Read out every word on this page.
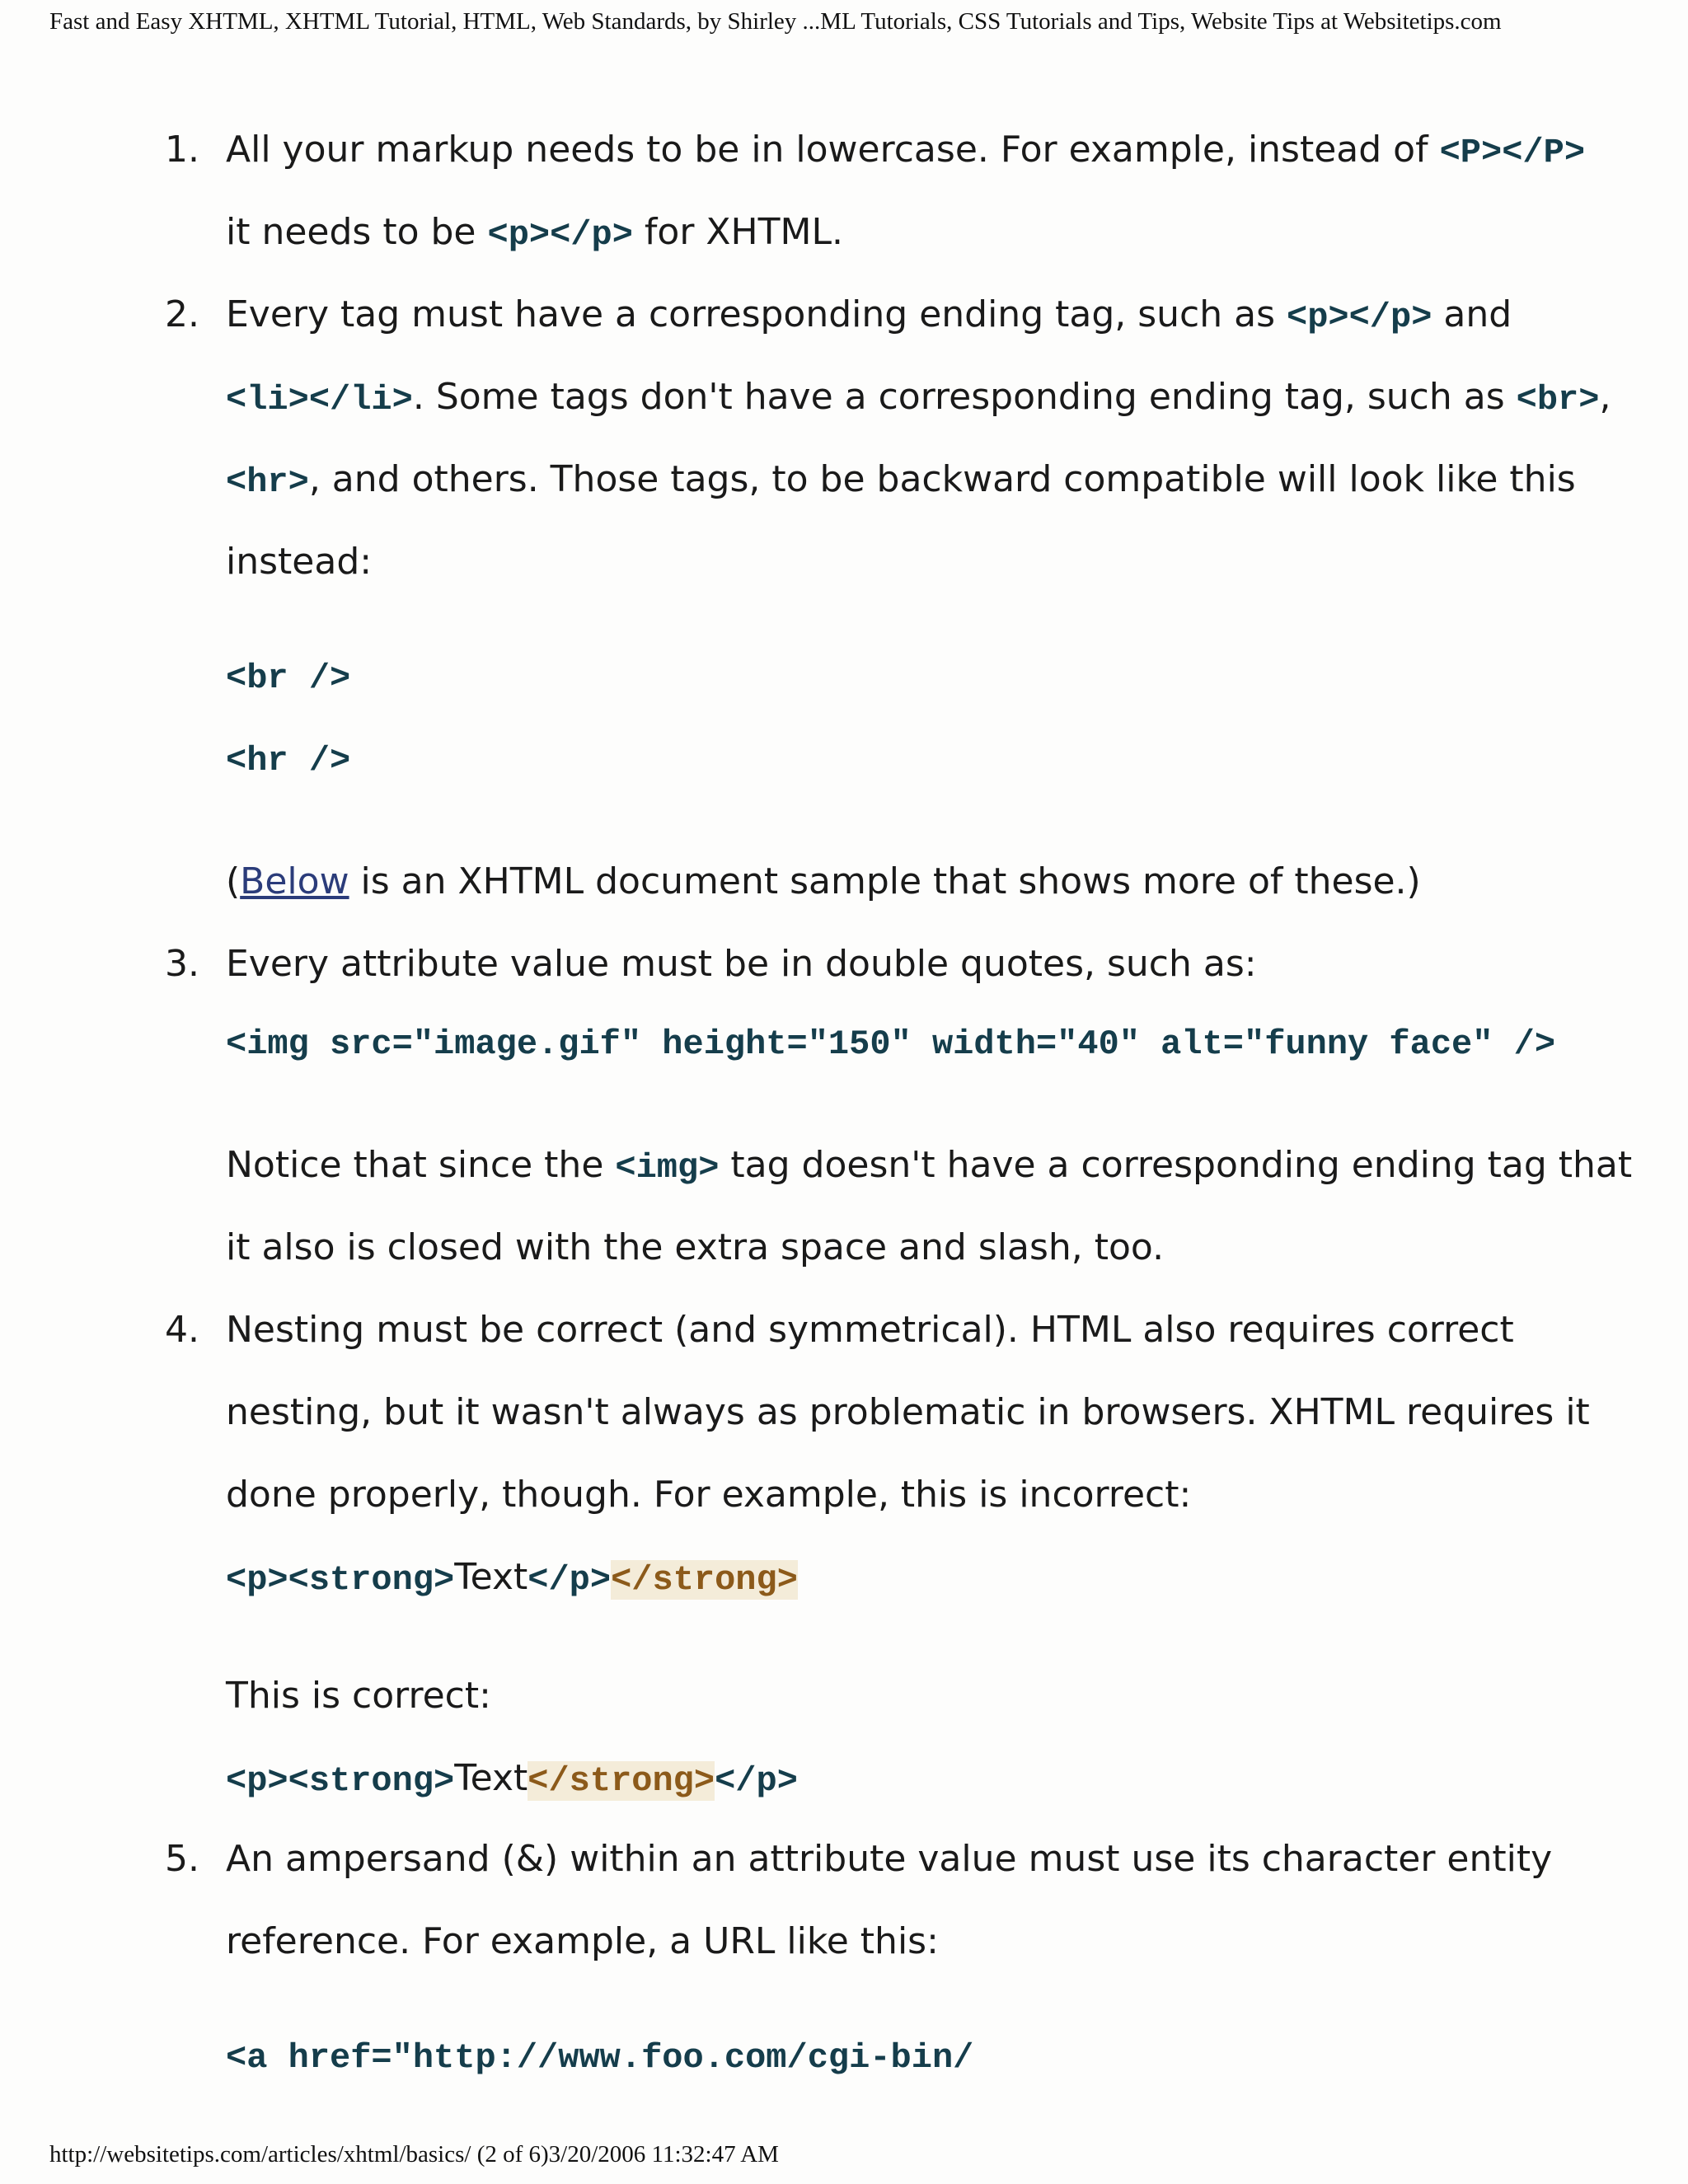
Fast and Easy XHTML, XHTML Tutorial, HTML, Web Standards, by Shirley ...ML Tutorials, CSS Tutorials and Tips, Website Tips at Websitetips.com
1. All your markup needs to be in lowercase. For example, instead of <P></P>
it needs to be <p></p> for XHTML.
2. Every tag must have a corresponding ending tag, such as <p></p> and
<li></li>. Some tags don't have a corresponding ending tag, such as <br>,
<hr>, and others. Those tags, to be backward compatible will look like this
instead:
<br />
<hr />
(Below is an XHTML document sample that shows more of these.)
3. Every attribute value must be in double quotes, such as:
<img src="image.gif" height="150" width="40" alt="funny face" />
Notice that since the <img> tag doesn't have a corresponding ending tag that
it also is closed with the extra space and slash, too.
4. Nesting must be correct (and symmetrical). HTML also requires correct
nesting, but it wasn't always as problematic in browsers. XHTML requires it
done properly, though. For example, this is incorrect:
<p><strong>Text</p></strong>
This is correct:
<p><strong>Text</strong></p>
5. An ampersand (&) within an attribute value must use its character entity
reference. For example, a URL like this:
<a href="http://www.foo.com/cgi-bin/
http://websitetips.com/articles/xhtml/basics/ (2 of 6)3/20/2006 11:32:47 AM
